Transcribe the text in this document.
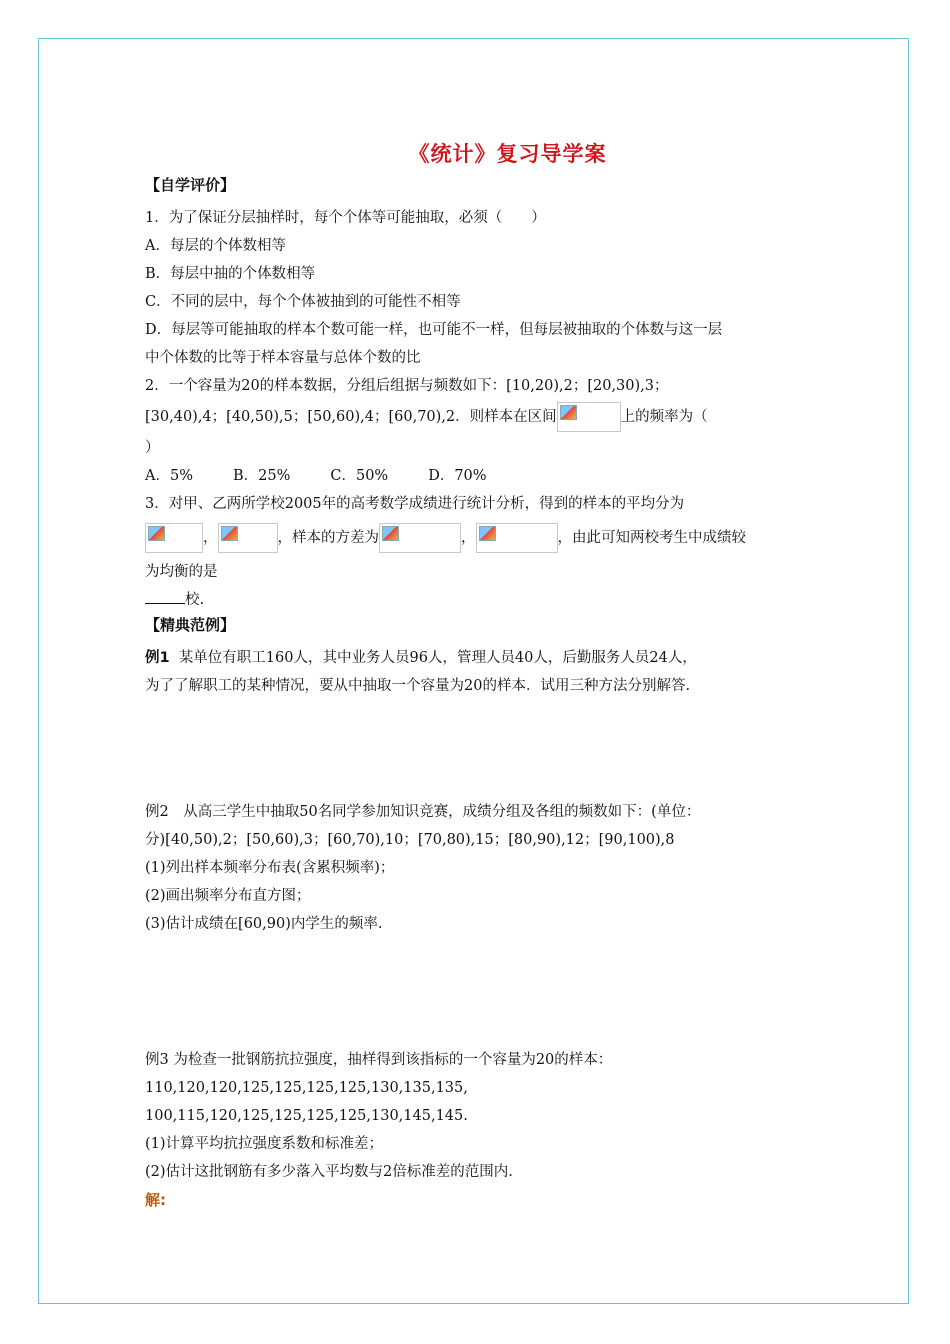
《统计》复习导学案
【自学评价】
1．为了保证分层抽样时，每个个体等可能抽取，必须（　　）
A．每层的个体数相等
B．每层中抽的个体数相等
C．不同的层中，每个个体被抽到的可能性不相等
D．每层等可能抽取的样本个数可能一样，也可能不一样，但每层被抽取的个体数与这一层
中个体数的比等于样本容量与总体个数的比
2．一个容量为20的样本数据，分组后组据与频数如下：[10,20),2；[20,30),3；
[30,40),4；[40,50),5；[50,60),4；[60,70),2．则样本在区间	上的频率为（
）
A．5%	B．25%	C．50%	D．70%
3．对甲、乙两所学校2005年的高考数学成绩进行统计分析，得到的样本的平均分为
，	，样本的方差为	，	，由此可知两校考生中成绩较
为均衡的是
校.
【精典范例】
例1 某单位有职工160人，其中业务人员96人，管理人员40人，后勤服务人员24人，
为了了解职工的某种情况，要从中抽取一个容量为20的样本．试用三种方法分别解答.
例2　从高三学生中抽取50名同学参加知识竞赛，成绩分组及各组的频数如下：(单位：
分)[40,50),2；[50,60),3；[60,70),10；[70,80),15；[80,90),12；[90,100),8
(1)列出样本频率分布表(含累积频率)；
(2)画出频率分布直方图；
(3)估计成绩在[60,90)内学生的频率.
例3 为检查一批钢筋抗拉强度，抽样得到该指标的一个容量为20的样本：
110,120,120,125,125,125,125,130,135,135,
100,115,120,125,125,125,125,130,145,145.
(1)计算平均抗拉强度系数和标准差；
(2)估计这批钢筋有多少落入平均数与2倍标准差的范围内.
解:
